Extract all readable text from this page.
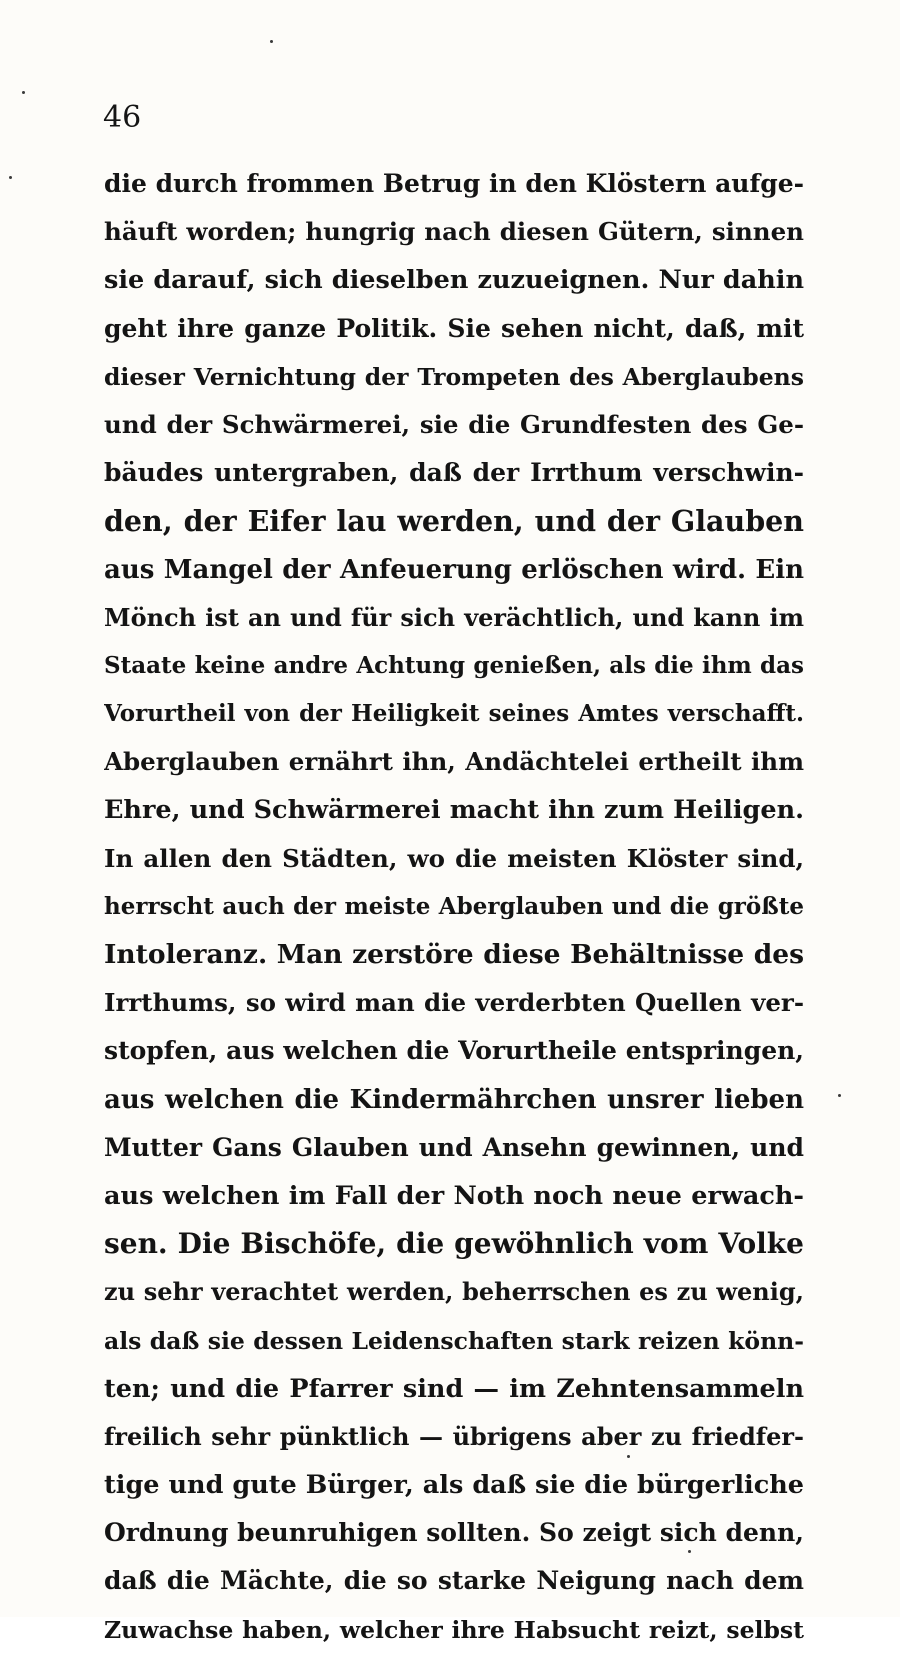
46
die durch frommen Betrug in den Klöstern aufge-
häuft worden; hungrig nach diesen Gütern, sinnen
sie darauf, sich dieselben zuzueignen. Nur dahin
geht ihre ganze Politik. Sie sehen nicht, daß, mit
dieser Vernichtung der Trompeten des Aberglaubens
und der Schwärmerei, sie die Grundfesten des Ge-
bäudes untergraben, daß der Irrthum verschwin-
den, der Eifer lau werden, und der Glauben
aus Mangel der Anfeuerung erlöschen wird. Ein
Mönch ist an und für sich verächtlich, und kann im
Staate keine andre Achtung genießen, als die ihm das
Vorurtheil von der Heiligkeit seines Amtes verschafft.
Aberglauben ernährt ihn, Andächtelei ertheilt ihm
Ehre, und Schwärmerei macht ihn zum Heiligen.
In allen den Städten, wo die meisten Klöster sind,
herrscht auch der meiste Aberglauben und die größte
Intoleranz. Man zerstöre diese Behältnisse des
Irrthums, so wird man die verderbten Quellen ver-
stopfen, aus welchen die Vorurtheile entspringen,
aus welchen die Kindermährchen unsrer lieben
Mutter Gans Glauben und Ansehn gewinnen, und
aus welchen im Fall der Noth noch neue erwach-
sen. Die Bischöfe, die gewöhnlich vom Volke
zu sehr verachtet werden, beherrschen es zu wenig,
als daß sie dessen Leidenschaften stark reizen könn-
ten; und die Pfarrer sind — im Zehntensammeln
freilich sehr pünktlich — übrigens aber zu friedfer-
tige und gute Bürger, als daß sie die bürgerliche
Ordnung beunruhigen sollten. So zeigt sich denn,
daß die Mächte, die so starke Neigung nach dem
Zuwachse haben, welcher ihre Habsucht reizt, selbst
